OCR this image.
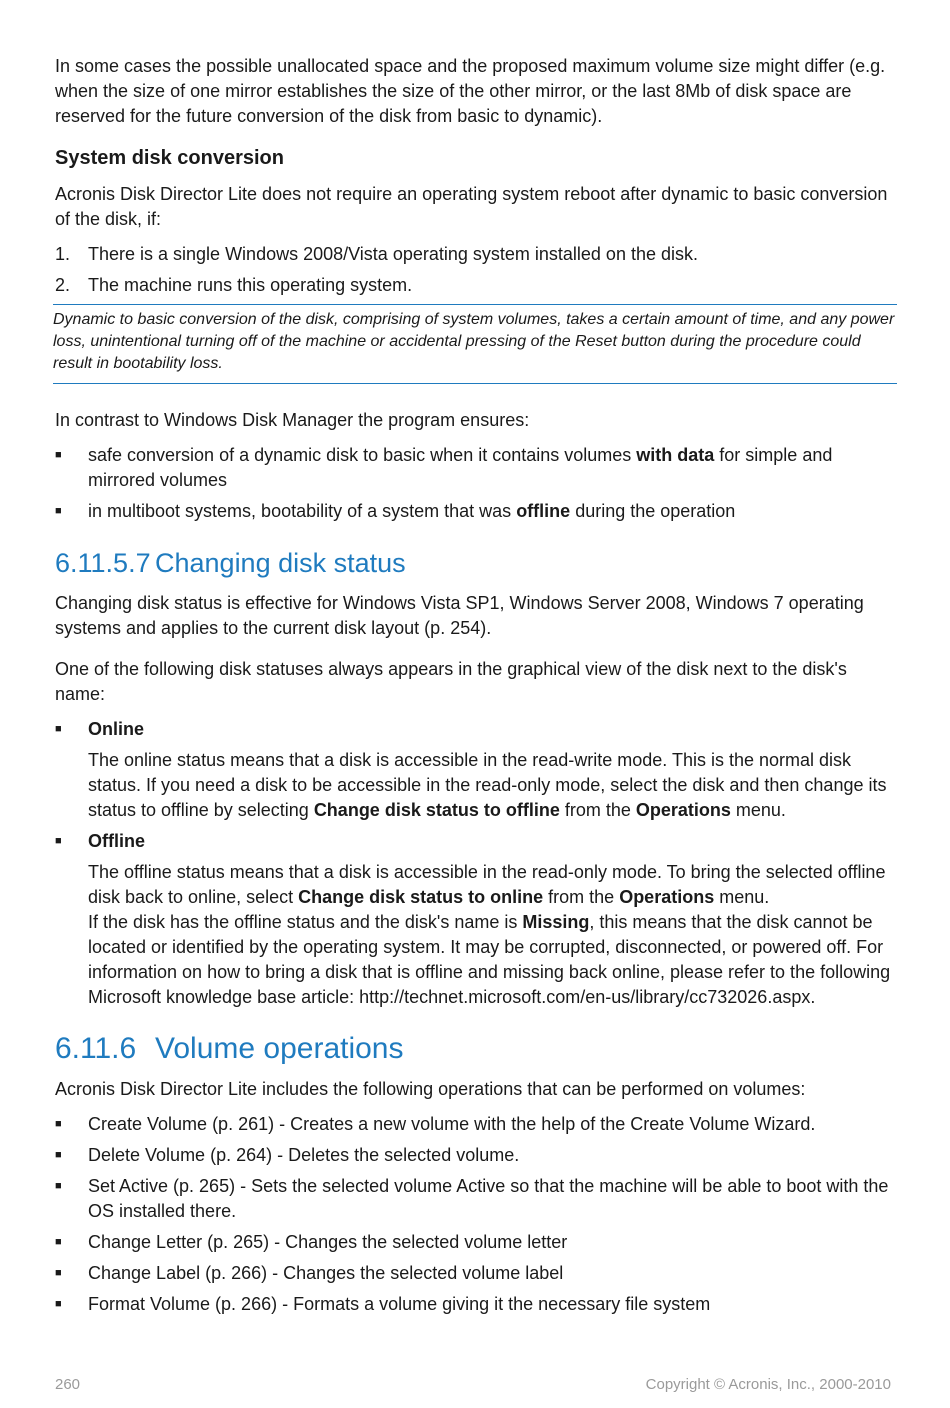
In some cases the possible unallocated space and the proposed maximum volume size might differ (e.g. when the size of one mirror establishes the size of the other mirror, or the last 8Mb of disk space are reserved for the future conversion of the disk from basic to dynamic).

System disk conversion

Acronis Disk Director Lite does not require an operating system reboot after dynamic to basic conversion of the disk, if:

1. There is a single Windows 2008/Vista operating system installed on the disk.
2. The machine runs this operating system.
Dynamic to basic conversion of the disk, comprising of system volumes, takes a certain amount of time, and any power loss, unintentional turning off of the machine or accidental pressing of the Reset button during the procedure could result in bootability loss.

In contrast to Windows Disk Manager the program ensures:

■ safe conversion of a dynamic disk to basic when it contains volumes with data for simple and mirrored volumes
■ in multiboot systems, bootability of a system that was offline during the operation
6.11.5.7 Changing disk status

Changing disk status is effective for Windows Vista SP1, Windows Server 2008, Windows 7 operating systems and applies to the current disk layout (p. 254).

One of the following disk statuses always appears in the graphical view of the disk next to the disk's name:

■ Online

The online status means that a disk is accessible in the read-write mode. This is the normal disk status. If you need a disk to be accessible in the read-only mode, select the disk and then change its status to offline by selecting Change disk status to offline from the Operations menu.

■ Offline

The offline status means that a disk is accessible in the read-only mode. To bring the selected offline disk back to online, select Change disk status to online from the Operations menu.

If the disk has the offline status and the disk's name is Missing, this means that the disk cannot be located or identified by the operating system. It may be corrupted, disconnected, or powered off. For information on how to bring a disk that is offline and missing back online, please refer to the following Microsoft knowledge base article: http://technet.microsoft.com/en-us/library/cc732026.aspx.

6.11.6 Volume operations

Acronis Disk Director Lite includes the following operations that can be performed on volumes:

■ Create Volume (p. 261) - Creates a new volume with the help of the Create Volume Wizard.
■ Delete Volume (p. 264) - Deletes the selected volume.
■ Set Active (p. 265) - Sets the selected volume Active so that the machine will be able to boot with the OS installed there.
■ Change Letter (p. 265) - Changes the selected volume letter
■ Change Label (p. 266) - Changes the selected volume label
■ Format Volume (p. 266) - Formats a volume giving it the necessary file system
260	Copyright © Acronis, Inc., 2000-2010
